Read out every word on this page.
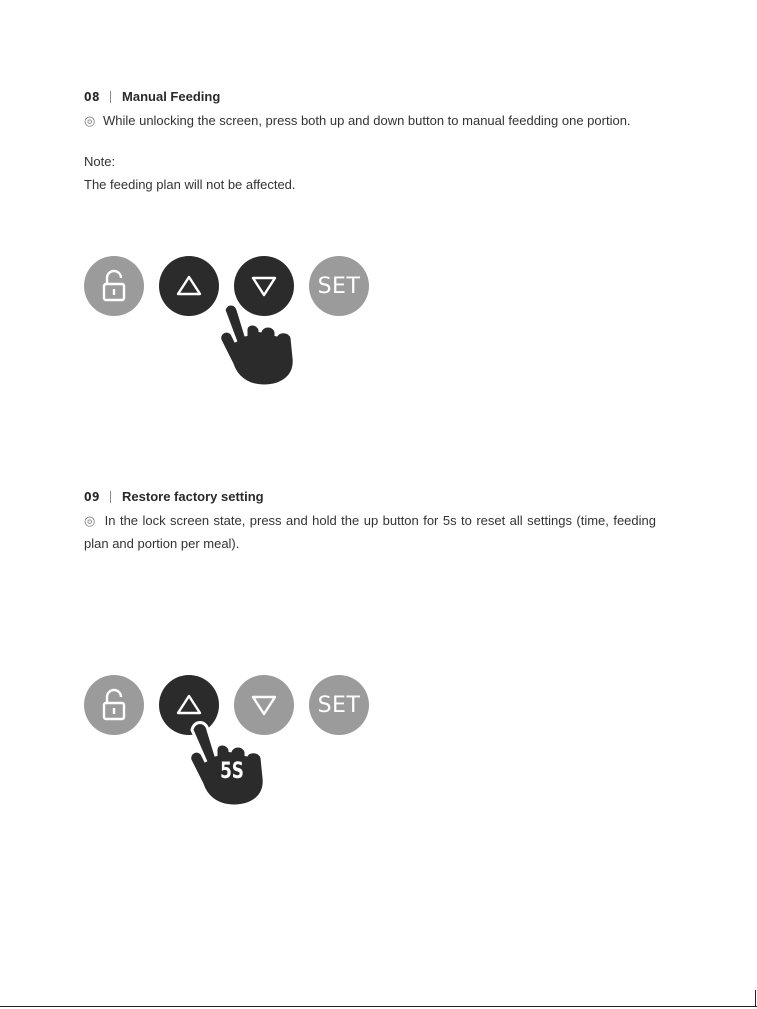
08 Manual Feeding
◎ While unlocking the screen, press both up and down button to manual feedding one portion.
Note:
The feeding plan will not be affected.
SET
09 Restore factory setting
◎ In the lock screen state, press and hold the up button for 5s to reset all settings (time, feeding plan and portion per meal).
SET
5S
